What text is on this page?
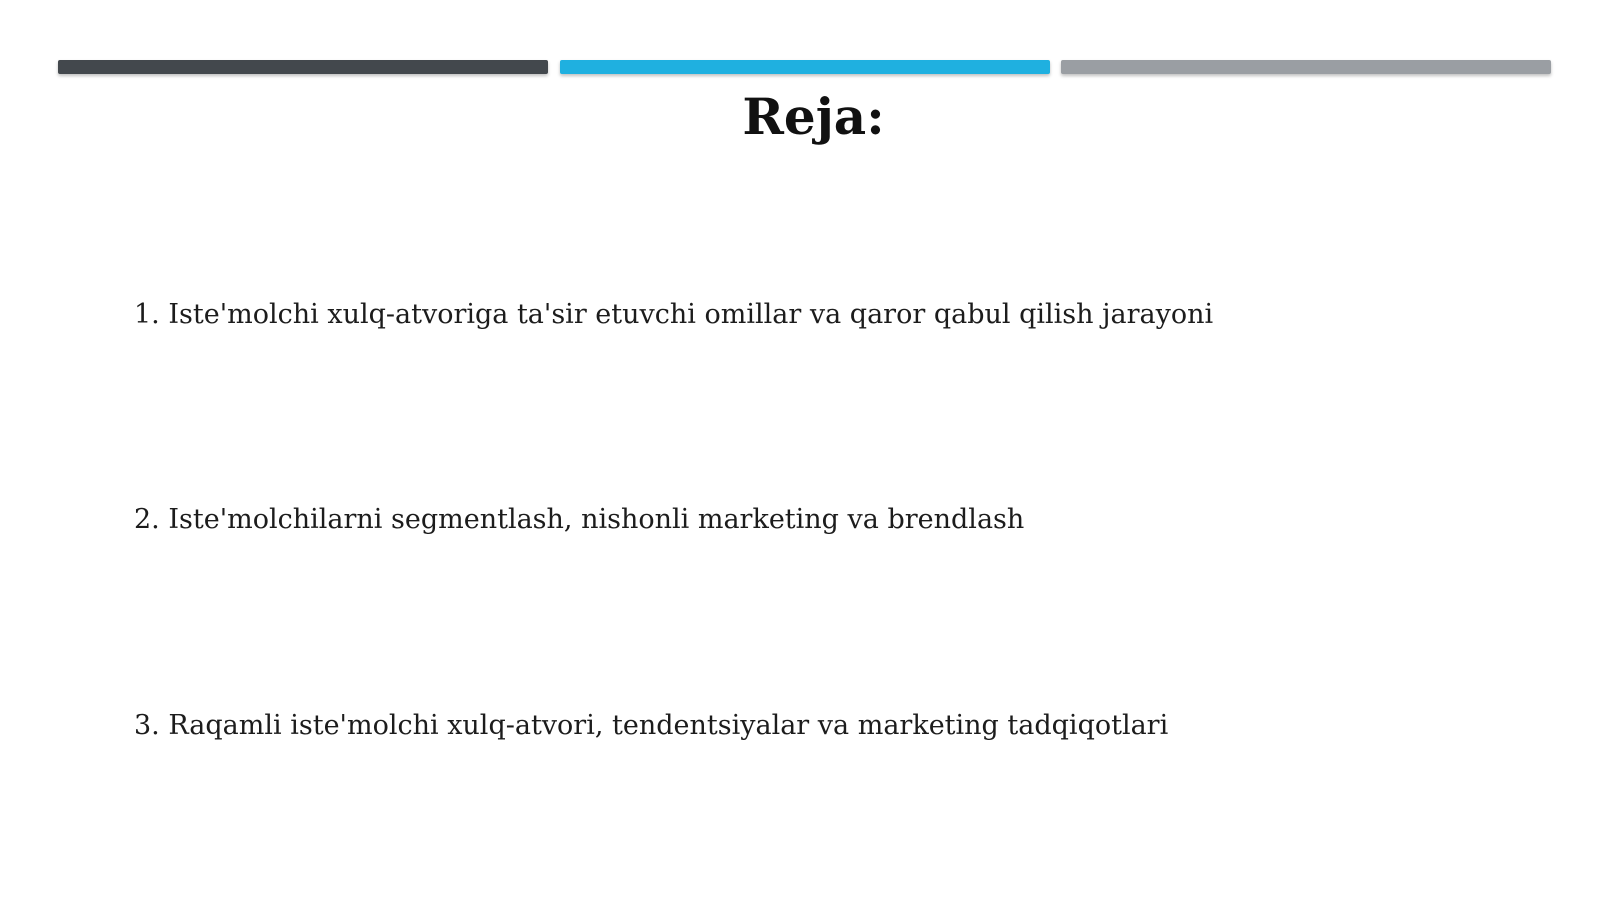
Reja:

1. Iste'molchi xulq-atvoriga ta'sir etuvchi omillar va qaror qabul qilish jarayoni

2. Iste'molchilarni segmentlash, nishonli marketing va brendlash

3. Raqamli iste'molchi xulq-atvori, tendentsiyalar va marketing tadqiqotlari
